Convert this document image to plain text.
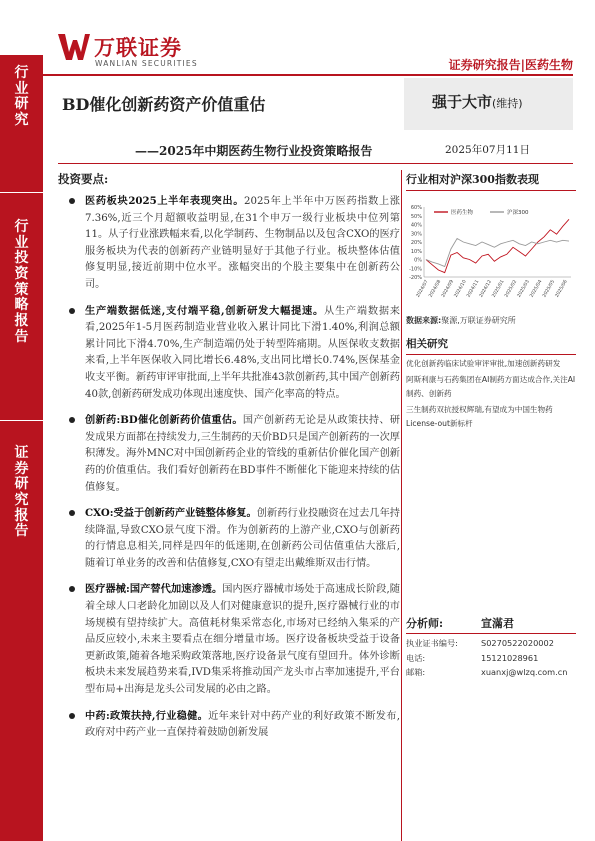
行
业
研
究
行
业
投
资
策
略
报
告
证
券
研
究
报
告
万联证券
WANLIAN SECURITIES	证券研究报告|医药生物
BD催化创新药资产价值重估
——2025年中期医药生物行业投资策略报告
强于大市(维持)
2025年07月11日
投资要点:
医药板块2025上半年表现突出。2025年上半年中万医药指数上涨7.36%,近三个月超额收益明显,在31个申万一级行业板块中位列第11。从子行业涨跌幅来看,以化学制药、生物制品以及包含CXO的医疗服务板块为代表的创新药产业链明显好于其他子行业。板块整体估值修复明显,接近前期中位水平。涨幅突出的个股主要集中在创新药公司。
生产端数据低迷,支付端平稳,创新研发大幅提速。从生产端数据来看,2025年1-5月医药制造业营业收入累计同比下滑1.40%,利润总额累计同比下滑4.70%,生产制造端仍处于转型阵痛期。从医保收支数据来看,上半年医保收入同比增长6.48%,支出同比增长0.74%,医保基金收支平衡。新药审评审批面,上半年共批准43款创新药,其中国产创新药40款,创新药研发成功体现出速度快、国产化率高的特点。
创新药:BD催化创新药价值重估。国产创新药无论是从政策扶持、研发成果方面都在持续发力,三生制药的天价BD只是国产创新药的一次厚积薄发。海外MNC对中国创新药企业的管线的重新估价催化国产创新药的价值重估。我们看好创新药在BD事件不断催化下能迎来持续的估值修复。
CXO:受益于创新药产业链整体修复。创新药行业投融资在过去几年持续降温,导致CXO景气度下滑。作为创新药的上游产业,CXO与创新药的行情息息相关,同样是四年的低迷期,在创新药公司估值重估大涨后,随着订单业务的改善和估值修复,CXO有望走出戴维斯双击行情。
医疗器械:国产替代加速渗透。国内医疗器械市场处于高速成长阶段,随着全球人口老龄化加剧以及人们对健康意识的提升,医疗器械行业的市场规模有望持续扩大。高值耗材集采常态化,市场对已经纳入集采的产品反应较小,未来主要看点在细分增量市场。医疗设备板块受益于设备更新政策,随着各地采购政策落地,医疗设备景气度有望回升。体外诊断板块未来发展趋势来看,IVD集采将推动国产龙头市占率加速提升,平台型布局+出海是龙头公司发展的必由之路。
中药:政策扶持,行业稳健。近年来针对中药产业的利好政策不断发布,政府对中药产业一直保持着鼓励创新发展
行业相对沪深300指数表现
60%
50%
40%
30%
20%
10%
0%
-10%
-20%
2024/07
2024/08
2024/09
2024/10
2024/11
2024/12
2025/01
2025/02
2025/03
2025/04
2025/05
2025/06
医药生物	沪深300
数据来源:聚源,万联证券研究所
相关研究
优化创新药临床试验审评审批,加速创新药研发
阿斯利康与石药集团在AI制药方面达成合作,关注AI制药、创新药
三生制药双抗授权辉瑞,有望成为中国生物药License-out新标杆
分析师:	宣滿君
执业证书编号:	S0270522020002
电话:	15121028961
邮箱:	xuanxj@wlzq.com.cn
